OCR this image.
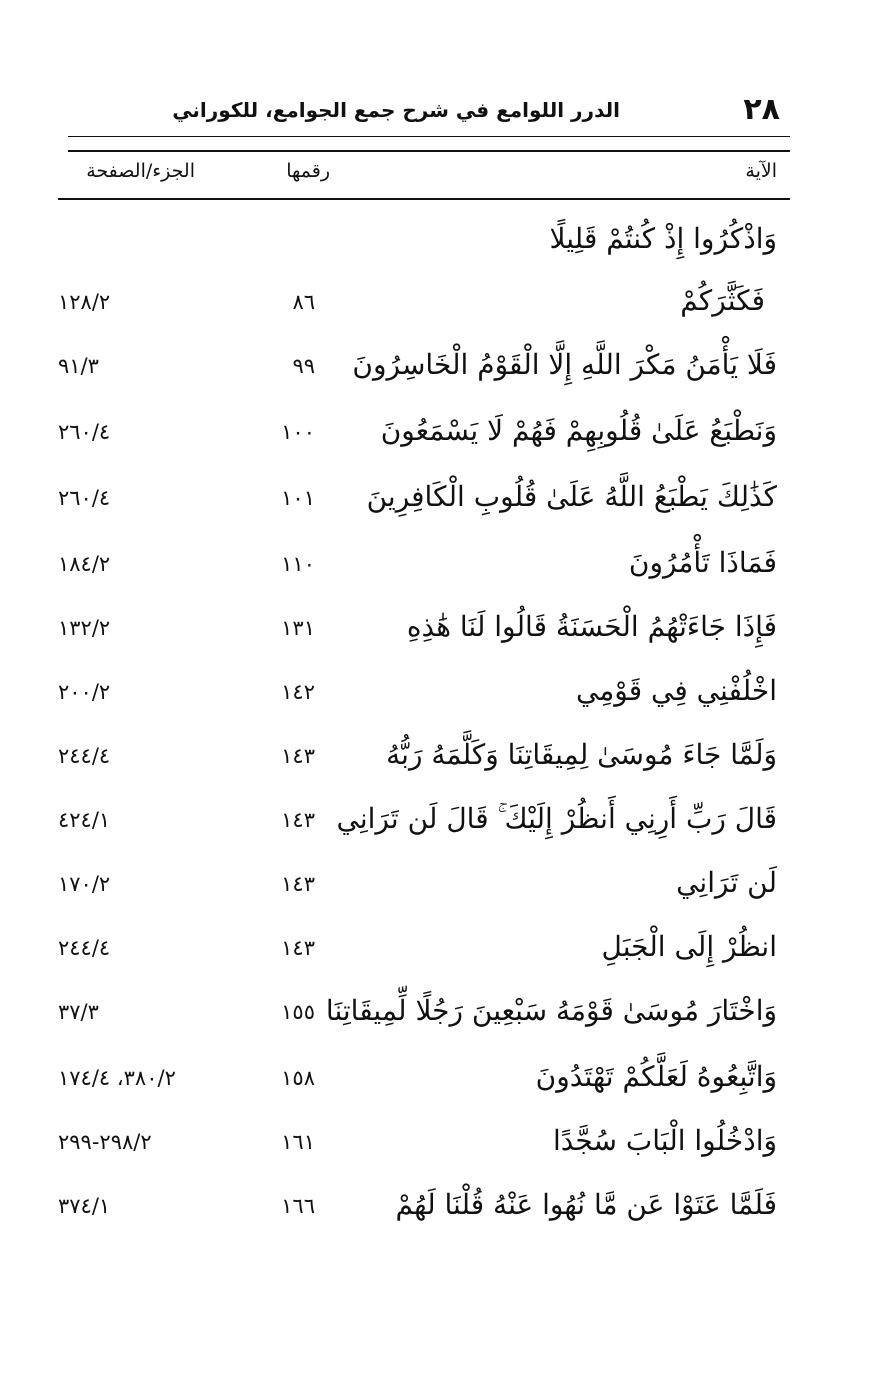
٢٨
الدرر اللوامع في شرح جمع الجوامع، للكوراني
الآية
رقمها
الجزء/الصفحة
وَاذْكُرُوا إِذْ كُنتُمْ قَلِيلًا
فَكَثَّرَكُمْ
٨٦
١٢٨/٢
فَلَا يَأْمَنُ مَكْرَ اللَّهِ إِلَّا الْقَوْمُ الْخَاسِرُونَ
٩٩
٩١/٣
وَنَطْبَعُ عَلَىٰ قُلُوبِهِمْ فَهُمْ لَا يَسْمَعُونَ
١٠٠
٢٦٠/٤
كَذَٰلِكَ يَطْبَعُ اللَّهُ عَلَىٰ قُلُوبِ الْكَافِرِينَ
١٠١
٢٦٠/٤
فَمَاذَا تَأْمُرُونَ
١١٠
١٨٤/٢
فَإِذَا جَاءَتْهُمُ الْحَسَنَةُ قَالُوا لَنَا هَٰذِهِ
١٣١
١٣٢/٢
اخْلُفْنِي فِي قَوْمِي
١٤٢
٢٠٠/٢
وَلَمَّا جَاءَ مُوسَىٰ لِمِيقَاتِنَا وَكَلَّمَهُ رَبُّهُ
١٤٣
٢٤٤/٤
قَالَ رَبِّ أَرِنِي أَنظُرْ إِلَيْكَ ۚ قَالَ لَن تَرَانِي
١٤٣
٤٢٤/١
لَن تَرَانِي
١٤٣
١٧٠/٢
انظُرْ إِلَى الْجَبَلِ
١٤٣
٢٤٤/٤
وَاخْتَارَ مُوسَىٰ قَوْمَهُ سَبْعِينَ رَجُلًا لِّمِيقَاتِنَا
١٥٥
٣٧/٣
وَاتَّبِعُوهُ لَعَلَّكُمْ تَهْتَدُونَ
١٥٨
٣٨٠/٢، ١٧٤/٤
وَادْخُلُوا الْبَابَ سُجَّدًا
١٦١
٢٩٨/٢-٢٩٩
فَلَمَّا عَتَوْا عَن مَّا نُهُوا عَنْهُ قُلْنَا لَهُمْ
١٦٦
٣٧٤/١
